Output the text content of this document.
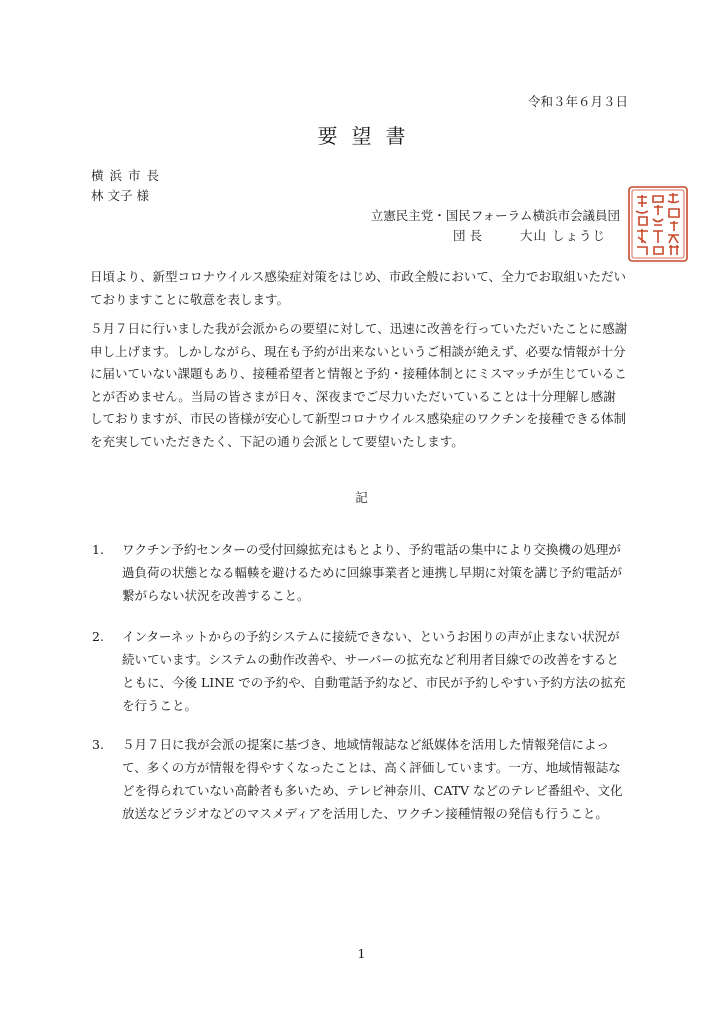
令和３年６月３日
要望書
横浜市長
林 文子 様
立憲民主党・国民フォーラム横浜市会議員団
団 長	大山 しょうじ
日頃より、新型コロナウイルス感染症対策をはじめ、市政全般において、全力でお取組いただいておりますことに敬意を表します。
５月７日に行いました我が会派からの要望に対して、迅速に改善を行っていただいたことに感謝申し上げます。しかしながら、現在も予約が出来ないというご相談が絶えず、必要な情報が十分に届いていない課題もあり、接種希望者と情報と予約・接種体制とにミスマッチが生じていることが否めません。当局の皆さまが日々、深夜までご尽力いただいていることは十分理解し感謝しておりますが、市民の皆様が安心して新型コロナウイルス感染症のワクチンを接種できる体制を充実していただきたく、下記の通り会派として要望いたします。
記
1. ワクチン予約センターの受付回線拡充はもとより、予約電話の集中により交換機の処理が過負荷の状態となる輻輳を避けるために回線事業者と連携し早期に対策を講じ予約電話が繋がらない状況を改善すること。
2. インターネットからの予約システムに接続できない、というお困りの声が止まない状況が続いています。システムの動作改善や、サーバーの拡充など利用者目線での改善をするとともに、今後 LINE での予約や、自動電話予約など、市民が予約しやすい予約方法の拡充を行うこと。
3. ５月７日に我が会派の提案に基づき、地域情報誌など紙媒体を活用した情報発信によって、多くの方が情報を得やすくなったことは、高く評価しています。一方、地域情報誌などを得られていない高齢者も多いため、テレビ神奈川、CATV などのテレビ番組や、文化放送などラジオなどのマスメディアを活用した、ワクチン接種情報の発信も行うこと。
1
